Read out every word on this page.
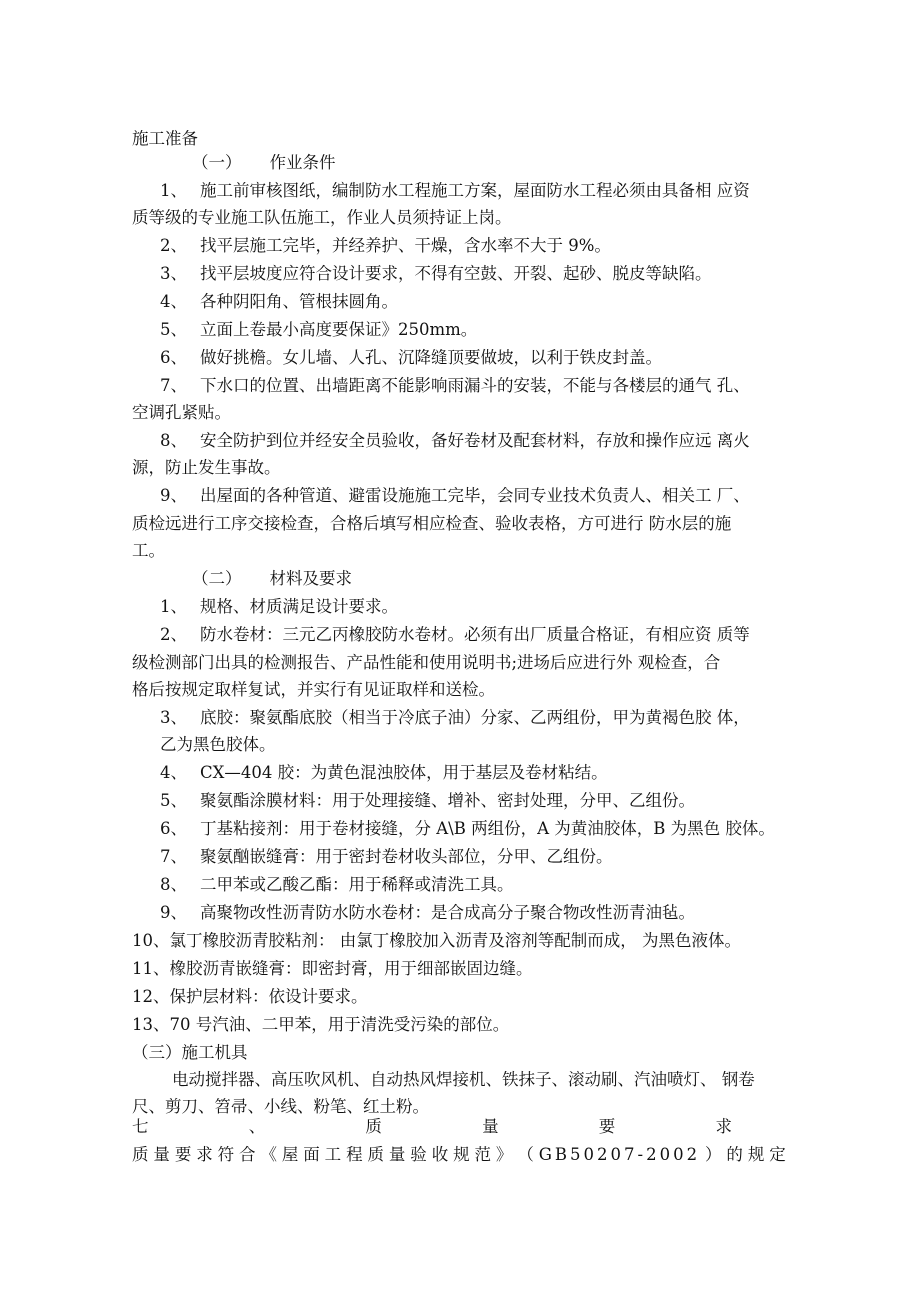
施工准备
（一） 作业条件
1、 施工前审核图纸，编制防水工程施工方案，屋面防水工程必须由具备相 应资
质等级的专业施工队伍施工，作业人员须持证上岗。
2、 找平层施工完毕，并经养护、干燥，含水率不大于 9%。
3、 找平层坡度应符合设计要求，不得有空鼓、开裂、起砂、脱皮等缺陷。
4、 各种阴阳角、管根抹圆角。
5、 立面上卷最小高度要保证》250mm。
6、 做好挑檐。女儿墙、人孔、沉降缝顶要做坡，以利于铁皮封盖。
7、 下水口的位置、出墙距离不能影响雨漏斗的安装，不能与各楼层的通气 孔、
空调孔紧贴。
8、 安全防护到位并经安全员验收，备好卷材及配套材料，存放和操作应远 离火
源，防止发生事故。
9、 出屋面的各种管道、避雷设施施工完毕，会同专业技术负责人、相关工 厂、
质检远进行工序交接检查，合格后填写相应检查、验收表格，方可进行 防水层的施
工。
（二） 材料及要求
1、 规格、材质满足设计要求。
2、 防水卷材：三元乙丙橡胶防水卷材。必须有出厂质量合格证，有相应资 质等
级检测部门出具的检测报告、产品性能和使用说明书;进场后应进行外 观检查，合
格后按规定取样复试，并实行有见证取样和送检。
3、 底胶：聚氨酯底胶（相当于冷底子油）分家、乙两组份，甲为黄褐色胶 体，
乙为黑色胶体。
4、 CX—404 胶：为黄色混浊胶体，用于基层及卷材粘结。
5、 聚氨酯涂膜材料：用于处理接缝、增补、密封处理，分甲、乙组份。
6、 丁基粘接剂：用于卷材接缝，分 A\B 两组份，A 为黄油胶体，B 为黑色 胶体。
7、 聚氨酗嵌缝膏：用于密封卷材收头部位，分甲、乙组份。
8、 二甲苯或乙酸乙酯：用于稀释或清洗工具。
9、 高聚物改性沥青防水防水卷材：是合成高分子聚合物改性沥青油毡。
10、氯丁橡胶沥青胶粘剂： 由氯丁橡胶加入沥青及溶剂等配制而成， 为黑色液体。
11、橡胶沥青嵌缝膏：即密封膏，用于细部嵌固边缝。
12、保护层材料：依设计要求。
13、70 号汽油、二甲苯，用于清洗受污染的部位。
（三）施工机具
电动搅拌器、高压吹风机、自动热风焊接机、铁抹子、滚动刷、汽油喷灯、 钢卷
尺、剪刀、笤帚、小线、粉笔、红土粉。
七	、	质	量	要	求
质 量 要 求 符 合 《 屋 面 工 程 质 量 验 收 规 范 》 （ GB50207-2002 ） 的 规 定
